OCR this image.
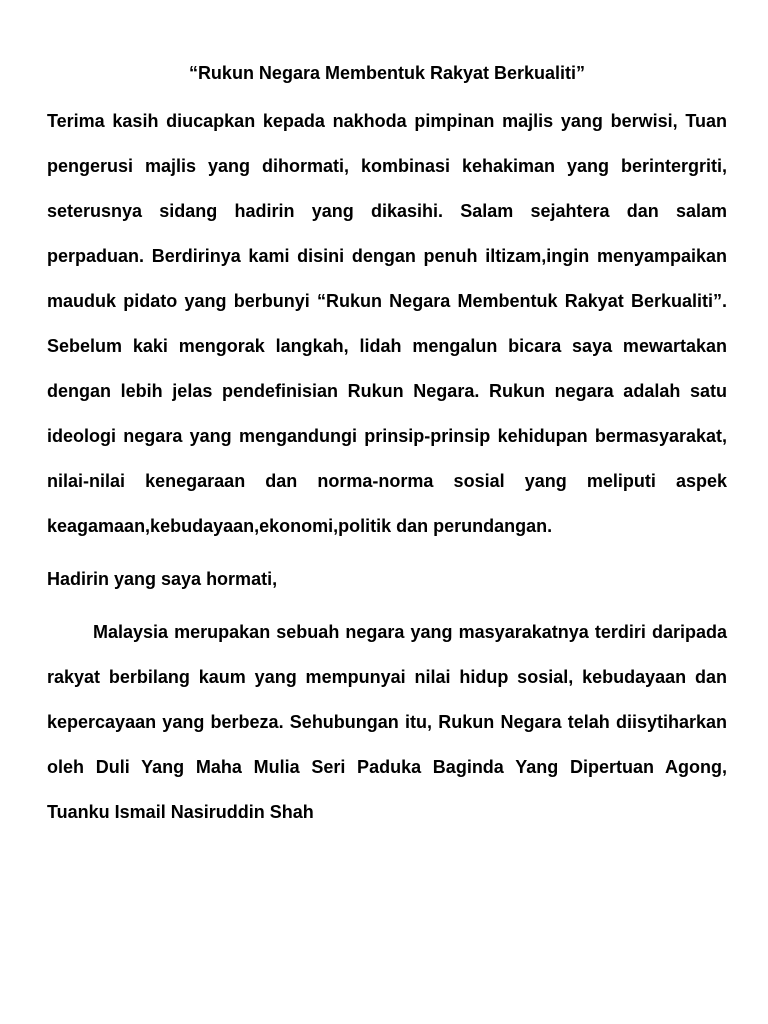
“Rukun Negara Membentuk Rakyat Berkualiti”

Terima kasih diucapkan kepada nakhoda pimpinan majlis yang berwisi, Tuan pengerusi majlis yang dihormati, kombinasi kehakiman yang berintergriti, seterusnya sidang hadirin yang dikasihi. Salam sejahtera dan salam perpaduan. Berdirinya kami disini dengan penuh iltizam,ingin menyampaikan mauduk pidato yang berbunyi “Rukun Negara Membentuk Rakyat Berkualiti”. Sebelum kaki mengorak langkah, lidah mengalun bicara saya mewartakan dengan lebih jelas pendefinisian Rukun Negara. Rukun negara adalah satu ideologi negara yang mengandungi prinsip-prinsip kehidupan bermasyarakat, nilai-nilai kenegaraan dan norma-norma sosial yang meliputi aspek keagamaan,kebudayaan,ekonomi,politik dan perundangan.

Hadirin yang saya hormati,

Malaysia merupakan sebuah negara yang masyarakatnya terdiri daripada rakyat berbilang kaum yang mempunyai nilai hidup sosial, kebudayaan dan kepercayaan yang berbeza. Sehubungan itu, Rukun Negara telah diisytiharkan oleh Duli Yang Maha Mulia Seri Paduka Baginda Yang Dipertuan Agong, Tuanku Ismail Nasiruddin Shah
